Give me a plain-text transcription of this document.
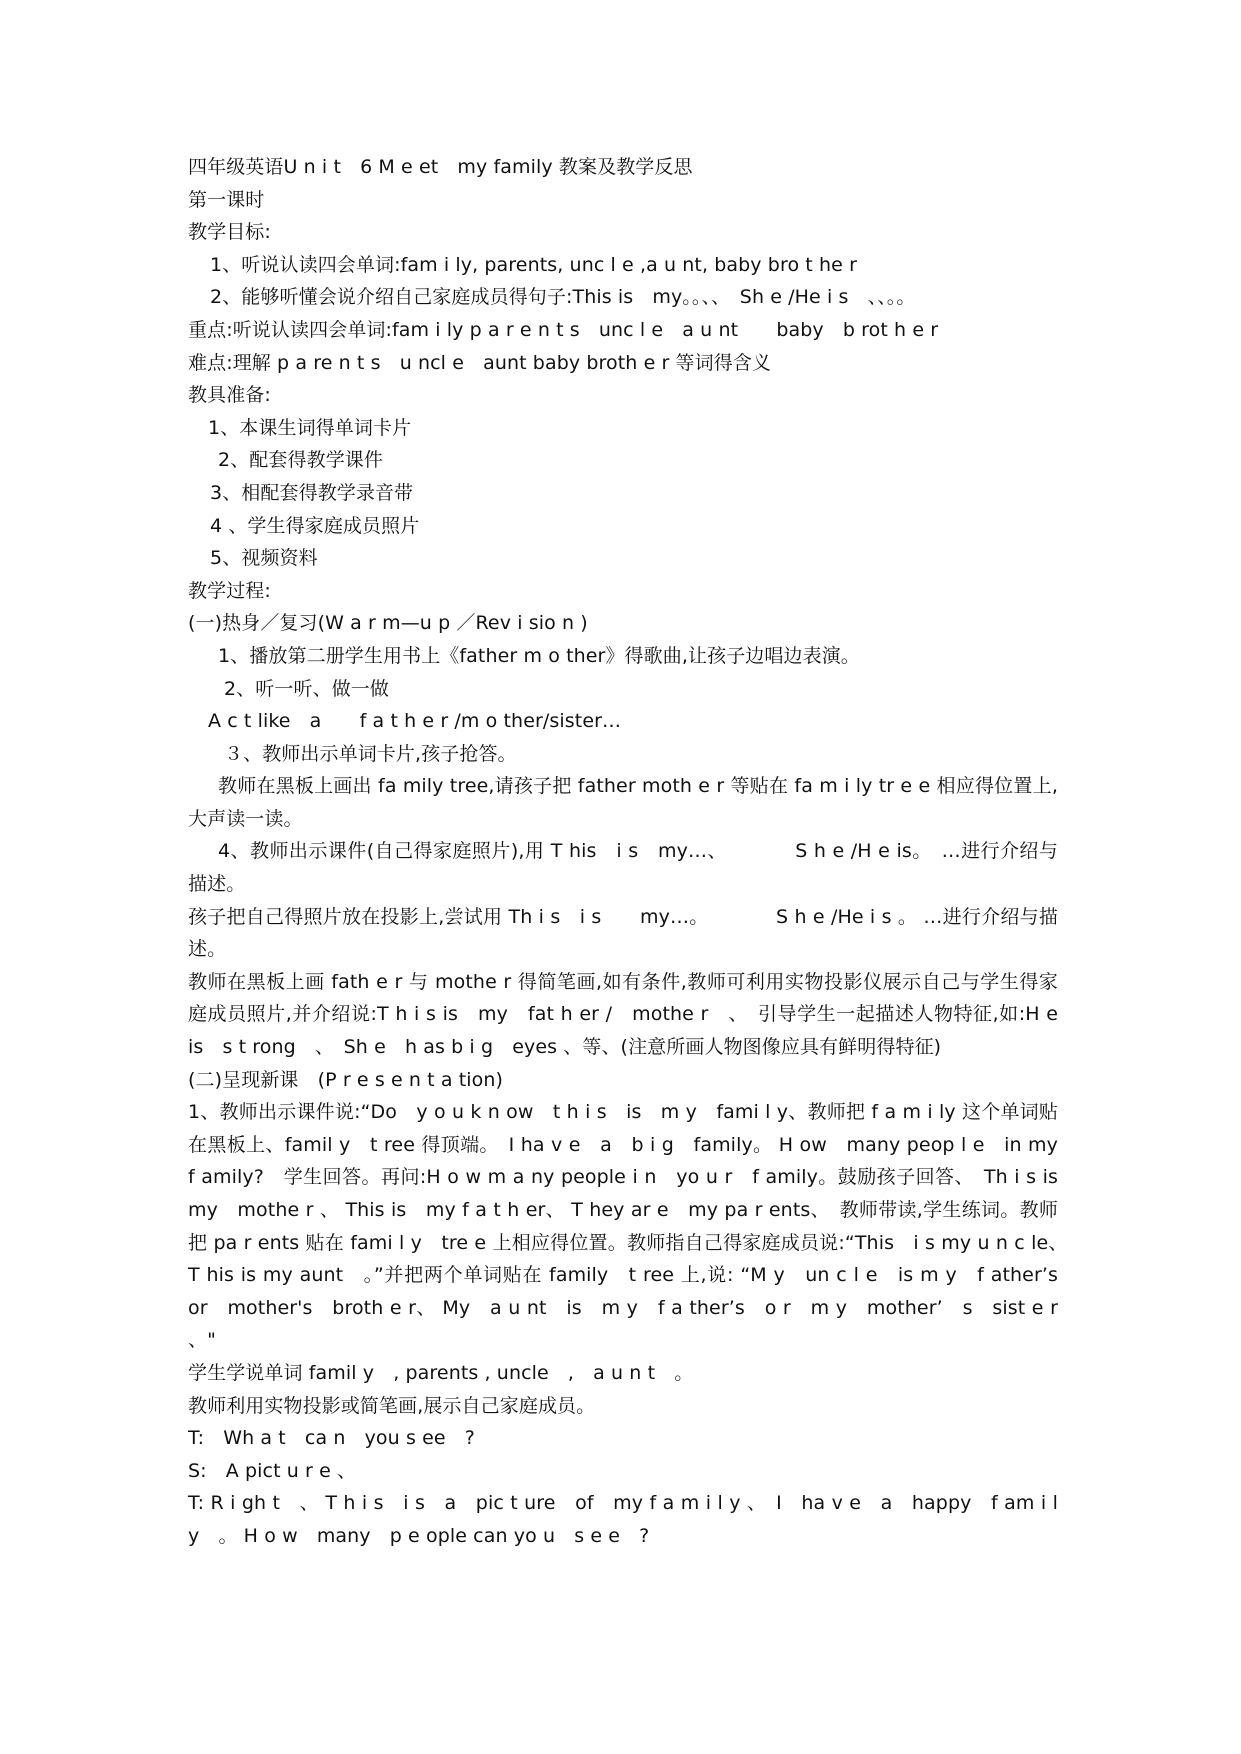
四年级英语U n i t　6 M e et　my family 教案及教学反思
第一课时
教学目标:
1、听说认读四会单词:fam i ly, parents, unc l e ,a u nt, baby bro t he r
2、能够听懂会说介绍自己家庭成员得句子:This is　my。。、、　Sh e /He i s　、、。。
重点:听说认读四会单词:fam i ly p a r e n t s　unc l e　a u nt　　baby　b rot h e r
难点:理解 p a re n t s　u ncl e　aunt baby broth e r 等词得含义
教具准备:
1、本课生词得单词卡片
2、配套得教学课件
3、相配套得教学录音带
4 、学生得家庭成员照片
5、视频资料
教学过程:
(一)热身／复习(W a r m—u p ／Rev i sio n )
1、播放第二册学生用书上《father m o ther》得歌曲,让孩子边唱边表演。
2、听一听、做一做
A c t like　a　　f a t h e r /m o ther/sister…
３、教师出示单词卡片,孩子抢答。
教师在黑板上画出 fa mily tree,请孩子把 father moth e r 等贴在 fa m i ly tr e e 相应得位置上,大声读一读。
4、教师出示课件(自己得家庭照片),用 T his　i s　my…、　　　　S h e /H e is。　…进行介绍与描述。
孩子把自己得照片放在投影上,尝试用 Th i s　i s　　my…。　　　　S h e /He i s 。 …进行介绍与描述。
教师在黑板上画 fath e r 与 mothe r 得简笔画,如有条件,教师可利用实物投影仪展示自己与学生得家庭成员照片,并介绍说:T h i s is　my　fat h er /　mothe r　、　引导学生一起描述人物特征,如:H e　is　s t rong　、　Sh e　h as b i g　eyes 、等、(注意所画人物图像应具有鲜明得特征)
(二)呈现新课　(P r e s e n t a tion)
1、教师出示课件说:“Do　y o u k n ow　t h i s　is　m y　fami l y、教师把 f a m i ly 这个单词贴在黑板上、famil y　t ree 得顶端。　I ha v e　a　b i g　family。 H ow　many peop l e　in my　f amily?　学生回答。再问:H o w m a ny people i n　yo u r　f amily。鼓励孩子回答、　Th i s is my　mothe r 、 This is　my f a t h er、 T hey ar e　my pa r ents、　教师带读,学生练词。教师把 pa r ents 贴在 fami l y　tre e 上相应得位置。教师指自己得家庭成员说:“This　i s my u n c le、　T his is my aunt　。”并把两个单词贴在 family　t ree 上,说: “M y　un c l e　is m y　f ather’s　or　mother's　broth e r、 My　a u nt　is　m y　f a ther’s　o r　m y　mother’　s　sist e r 、"
学生学说单词 famil y　, parents , uncle　,　a u n t　。
教师利用实物投影或简笔画,展示自己家庭成员。
T:　Wh a t　ca n　you s ee　?
S:　A pict u r e 、
T: R i gh t　、 T h i s　i s　a　pic t ure　of　my f a m i l y 、　I　ha v e　a　happy　f am i l y　。 H o w　many　p e ople can yo u　s e e　?
